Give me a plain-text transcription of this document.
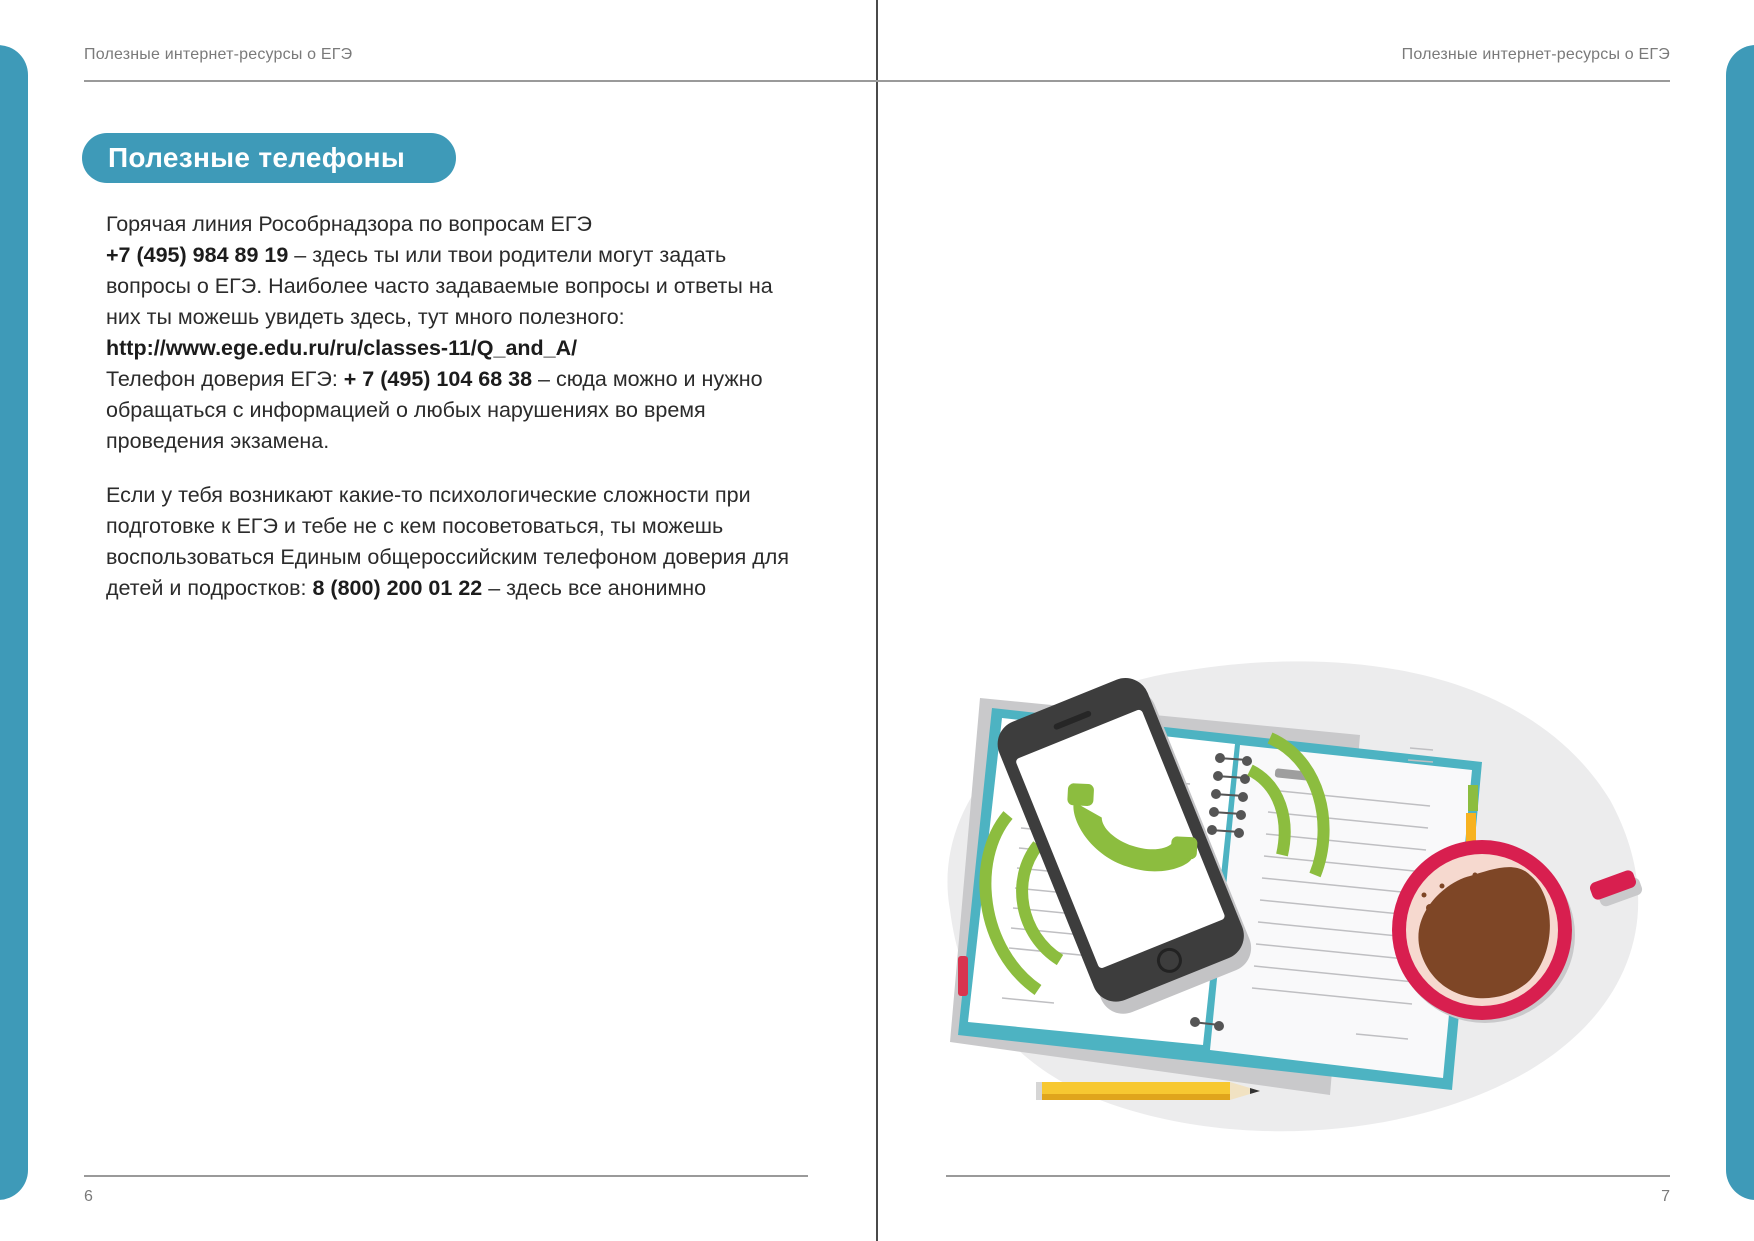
Полезные интернет-ресурсы о ЕГЭ	Полезные интернет-ресурсы о ЕГЭ
Полезные телефоны
Горячая линия Рособрнадзора по вопросам ЕГЭ
+7 (495) 984 89 19 – здесь ты или твои родители могут задать вопросы о ЕГЭ. Наиболее часто задаваемые вопросы и ответы на них ты можешь увидеть здесь, тут много полезного: http://www.ege.edu.ru/ru/classes-11/Q_and_A/
Телефон доверия ЕГЭ: + 7 (495) 104 68 38 – сюда можно и нужно обращаться с информацией о любых нарушениях во время проведения экзамена.
Если у тебя возникают какие-то психологические сложности при подготовке к ЕГЭ и тебе не с кем посоветоваться, ты можешь воспользоваться Единым общероссийским телефоном доверия для детей и подростков: 8 (800) 200 01 22 – здесь все анонимно
6	7
